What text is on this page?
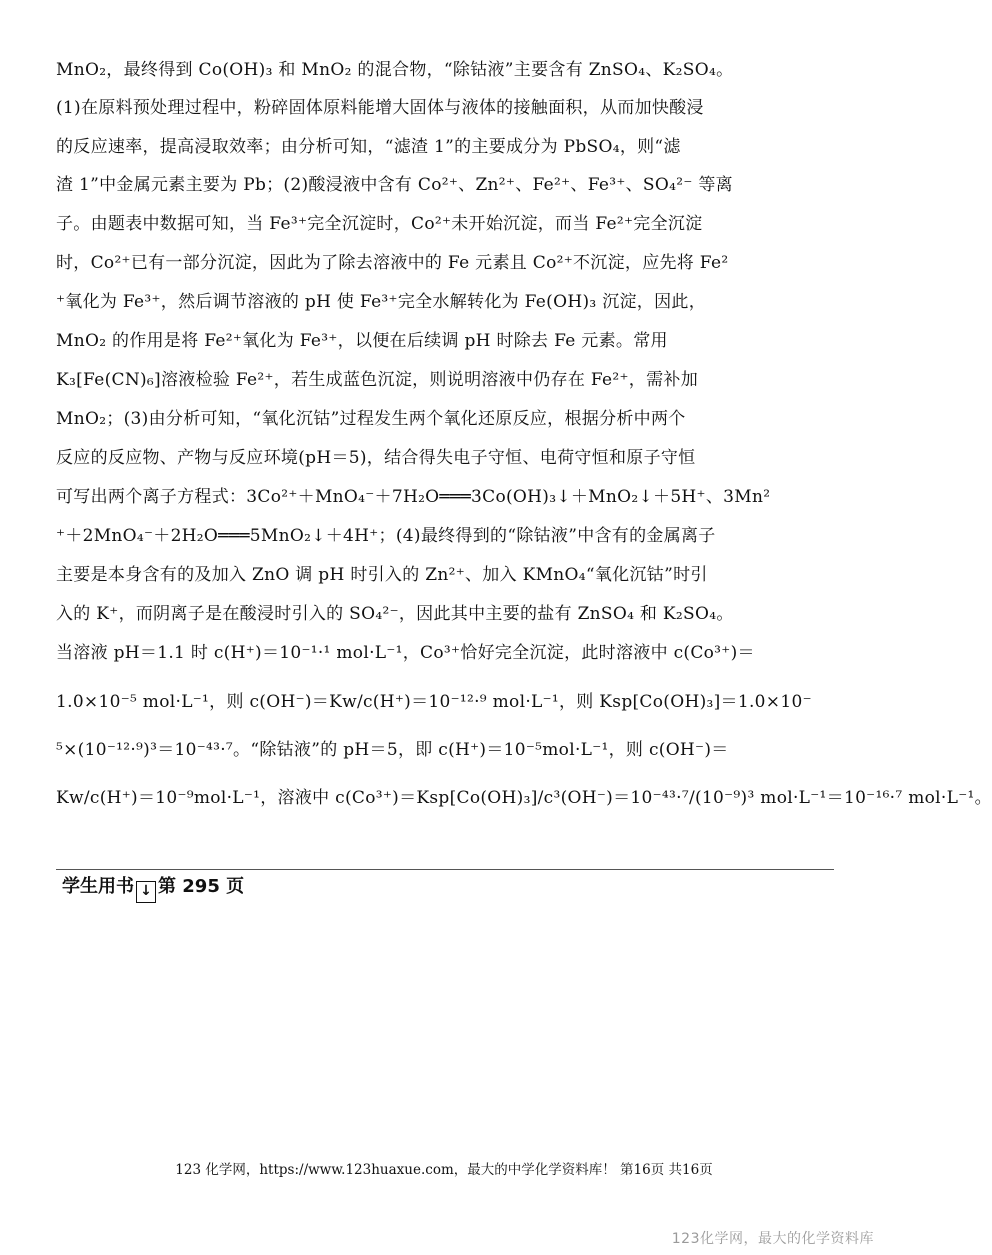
MnO₂，最终得到 Co(OH)₃ 和 MnO₂ 的混合物，“除钴液”主要含有 ZnSO₄、K₂SO₄。
(1)在原料预处理过程中，粉碎固体原料能增大固体与液体的接触面积，从而加快酸浸
的反应速率，提高浸取效率；由分析可知，“滤渣 1”的主要成分为 PbSO₄，则“滤
渣 1”中金属元素主要为 Pb；(2)酸浸液中含有 Co²⁺、Zn²⁺、Fe²⁺、Fe³⁺、SO₄²⁻ 等离
子。由题表中数据可知，当 Fe³⁺完全沉淀时，Co²⁺未开始沉淀，而当 Fe²⁺完全沉淀
时，Co²⁺已有一部分沉淀，因此为了除去溶液中的 Fe 元素且 Co²⁺不沉淀，应先将 Fe²
⁺氧化为 Fe³⁺，然后调节溶液的 pH 使 Fe³⁺完全水解转化为 Fe(OH)₃ 沉淀，因此，
MnO₂ 的作用是将 Fe²⁺氧化为 Fe³⁺，以便在后续调 pH 时除去 Fe 元素。常用
K₃[Fe(CN)₆]溶液检验 Fe²⁺，若生成蓝色沉淀，则说明溶液中仍存在 Fe²⁺，需补加
MnO₂；(3)由分析可知，“氧化沉钴”过程发生两个氧化还原反应，根据分析中两个
反应的反应物、产物与反应环境(pH＝5)，结合得失电子守恒、电荷守恒和原子守恒
可写出两个离子方程式：3Co²⁺＋MnO₄⁻＋7H₂O═══3Co(OH)₃↓＋MnO₂↓＋5H⁺、3Mn²
⁺＋2MnO₄⁻＋2H₂O═══5MnO₂↓＋4H⁺；(4)最终得到的“除钴液”中含有的金属离子
主要是本身含有的及加入 ZnO 调 pH 时引入的 Zn²⁺、加入 KMnO₄“氧化沉钴”时引
入的 K⁺，而阴离子是在酸浸时引入的 SO₄²⁻，因此其中主要的盐有 ZnSO₄ 和 K₂SO₄。
当溶液 pH＝1.1 时 c(H⁺)＝10⁻¹·¹ mol·L⁻¹，Co³⁺恰好完全沉淀，此时溶液中 c(Co³⁺)＝
1.0×10⁻⁵ mol·L⁻¹，则 c(OH⁻)＝Kw/c(H⁺)＝10⁻¹²·⁹ mol·L⁻¹，则 Ksp[Co(OH)₃]＝1.0×10⁻
⁵×(10⁻¹²·⁹)³＝10⁻⁴³·⁷。“除钴液”的 pH＝5，即 c(H⁺)＝10⁻⁵mol·L⁻¹，则 c(OH⁻)＝
Kw/c(H⁺)＝10⁻⁹mol·L⁻¹，溶液中 c(Co³⁺)＝Ksp[Co(OH)₃]/c³(OH⁻)＝10⁻⁴³·⁷/(10⁻⁹)³ mol·L⁻¹＝10⁻¹⁶·⁷ mol·L⁻¹。
学生用书 ↓ 第 295 页
123 化学网，https://www.123huaxue.com，最大的中学化学资料库！ 第16页 共16页
123化学网，最大的化学资料库
